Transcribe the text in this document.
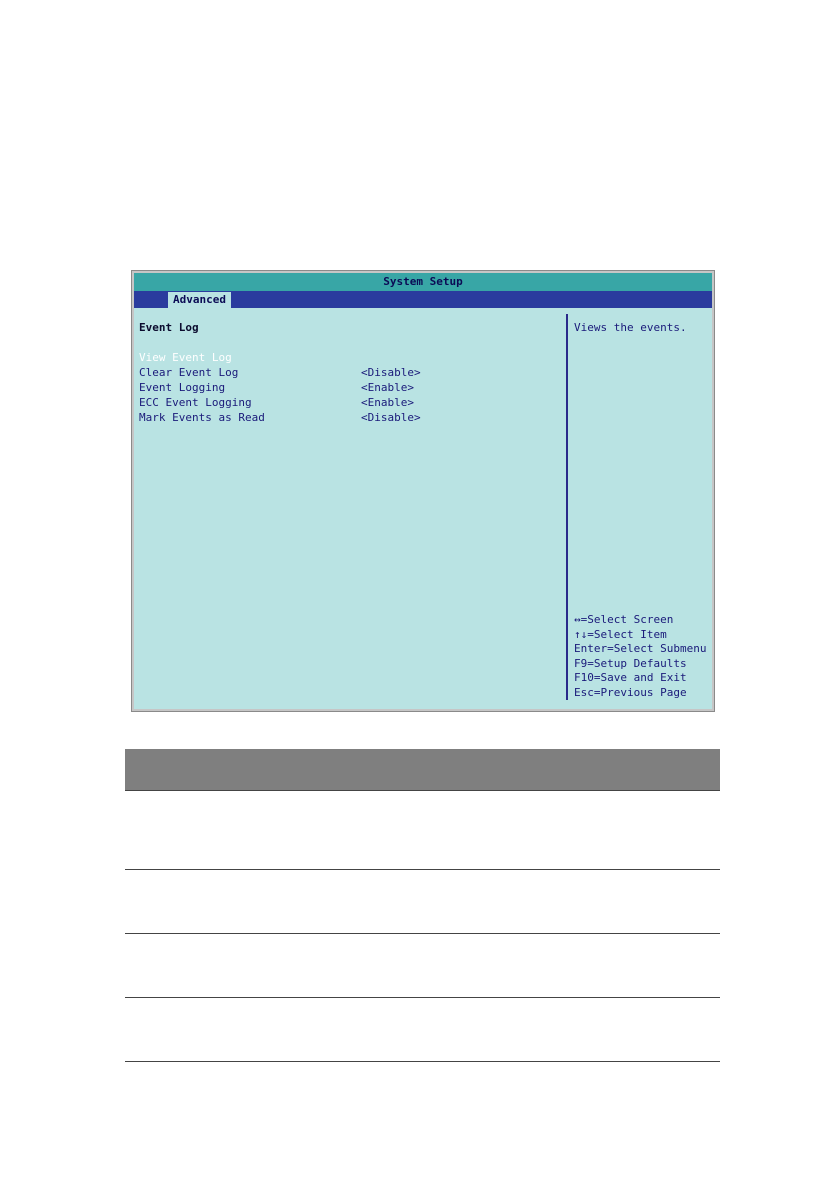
System Setup
Advanced
Event Log
View Event Log
Clear Event Log	<Disable>
Event Logging	<Enable>
ECC Event Logging	<Enable>
Mark Events as Read	<Disable>
Views the events.
↔=Select Screen
↑↓=Select Item
Enter=Select Submenu
F9=Setup Defaults
F10=Save and Exit
Esc=Previous Page
